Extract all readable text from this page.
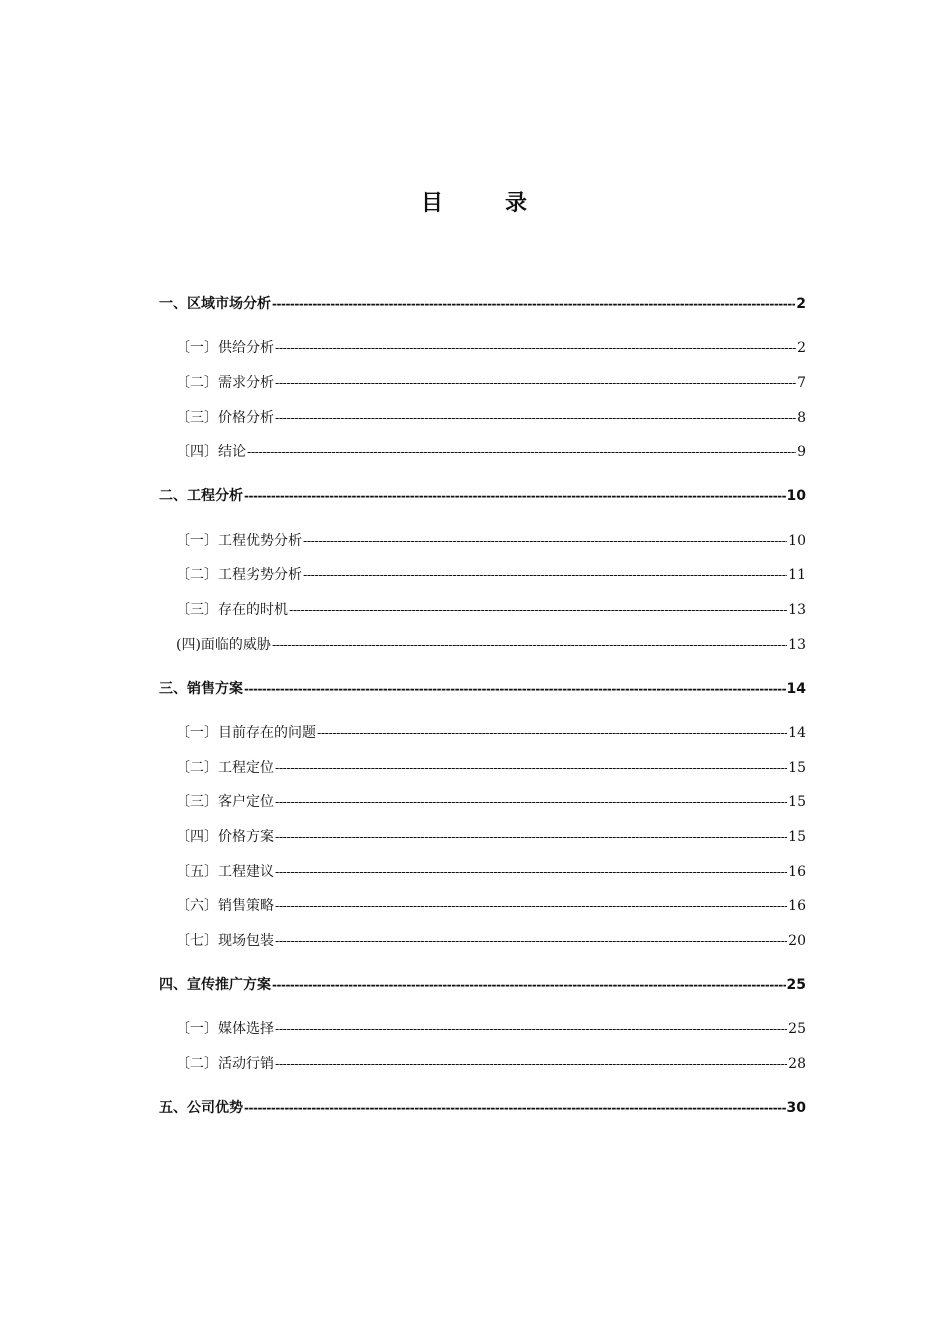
目	录
一、区域市场分析 -----	2
〔一〕供给分析 -----	2
〔二〕需求分析 -----	7
〔三〕价格分析 -----	8
〔四〕结论 -----	9
二、工程分析 -----	10
〔一〕工程优势分析 -----	10
〔二〕工程劣势分析 -----	11
〔三〕存在的时机 -----	13
(四)面临的威胁 -----	13
三、销售方案 -----	14
〔一〕目前存在的问题 -----	14
〔二〕工程定位 -----	15
〔三〕客户定位 -----	15
〔四〕价格方案 -----	15
〔五〕工程建议 -----	16
〔六〕销售策略 -----	16
〔七〕现场包装 -----	20
四、宣传推广方案 -----	25
〔一〕媒体选择 -----	25
〔二〕活动行销 -----	28
五、公司优势 -----	30
